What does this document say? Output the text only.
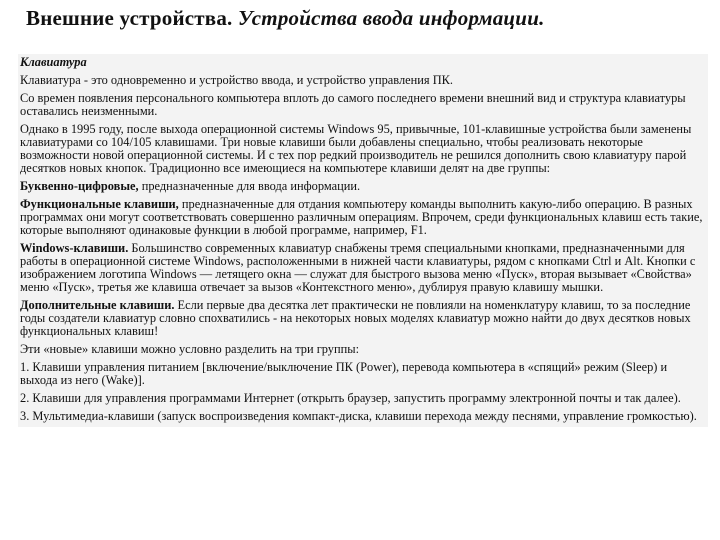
Внешние устройства. Устройства ввода информации.

Клавиатура

Клавиатура - это одновременно и устройство ввода, и устройство управления ПК.

Со времен появления персонального компьютера вплоть до самого последнего времени внешний вид и структура клавиатуры оставались неизменными.

Однако в 1995 году, после выхода операционной системы Windows 95, привычные, 101-клавишные устройства были заменены клавиатурами со 104/105 клавишами. Три новые клавиши были добавлены специально, чтобы реализовать некоторые возможности новой операционной системы. И с тех пор редкий производитель не решился дополнить свою клавиатуру парой десятков новых кнопок. Традиционно все имеющиеся на компьютере клавиши делят на две группы:

Буквенно-цифровые, предназначенные для ввода информации.

Функциональные клавиши, предназначенные для отдания компьютеру команды выполнить какую-либо операцию. В разных программах они могут соответствовать совершенно различным операциям. Впрочем, среди функциональных клавиш есть такие, которые выполняют одинаковые функции в любой программе, например, F1.

Windows-клавиши. Большинство современных клавиатур снабжены тремя специальными кнопками, предназначенными для работы в операционной системе Windows, расположенными в нижней части клавиатуры, рядом с кнопками Ctrl и Alt. Кнопки с изображением логотипа Windows — летящего окна — служат для быстрого вызова меню «Пуск», вторая вызывает «Свойства» меню «Пуск», третья же клавиша отвечает за вызов «Контекстного меню», дублируя правую клавишу мышки.

Дополнительные клавиши. Если первые два десятка лет практически не повлияли на номенклатуру клавиш, то за последние годы создатели клавиатур словно спохватились - на некоторых новых моделях клавиатур можно найти до двух десятков новых функциональных клавиш!

Эти «новые» клавиши можно условно разделить на три группы:

1. Клавиши управления питанием [включение/выключение ПК (Power), перевода компьютера в «спящий» режим (Sleep) и выхода из него (Wake)].

2. Клавиши для управления программами Интернет (открыть браузер, запустить программу электронной почты и так далее).

3. Мультимедиа-клавиши (запуск воспроизведения компакт-диска, клавиши перехода между песнями, управление громкостью).
